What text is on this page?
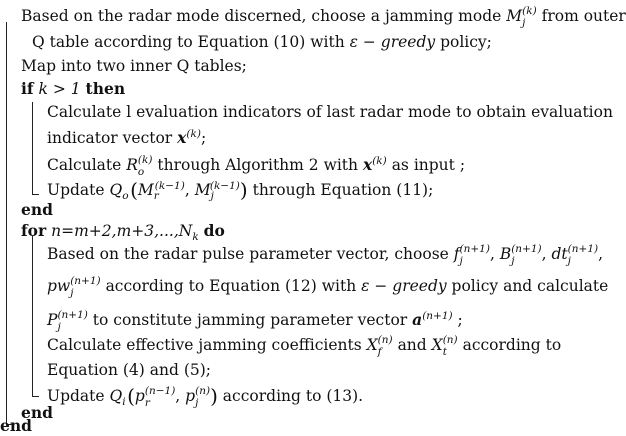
Based on the radar mode discerned, choose a jamming mode M (k)
j from outer
Q table according to Equation (10) with ε − greedy policy;
Map into two inner Q tables;
if k > 1 then
Calculate l evaluation indicators of last radar mode to obtain evaluation
indicator vector $x^{(k)}$;
Calculate R (k)
o through Algorithm 2 with $x^{(k)}$ as input ;
Update $Q_o$ ($M_r^{(k-1)}$, $M_j^{(k-1)}$) through Equation (11);
end
for $n=m+2,m+3,...,N_k$ do
Based on the radar pulse parameter vector, choose f (n+1)
j	, B (n+1)
j	, dt (n+1)
j	,
pw (n+1)
j	according to Equation (12) with ε − greedy policy and calculate
P (n+1)
j	to constitute jamming parameter vector $a^{(n+1)}$ ;
Calculate effective jamming coefficients X (n)
f and X (n)
t according to
Equation (4) and (5);
Update $Q_i$ (p (n−1)
r	, p (n)
j ) according to (13).
end
end
